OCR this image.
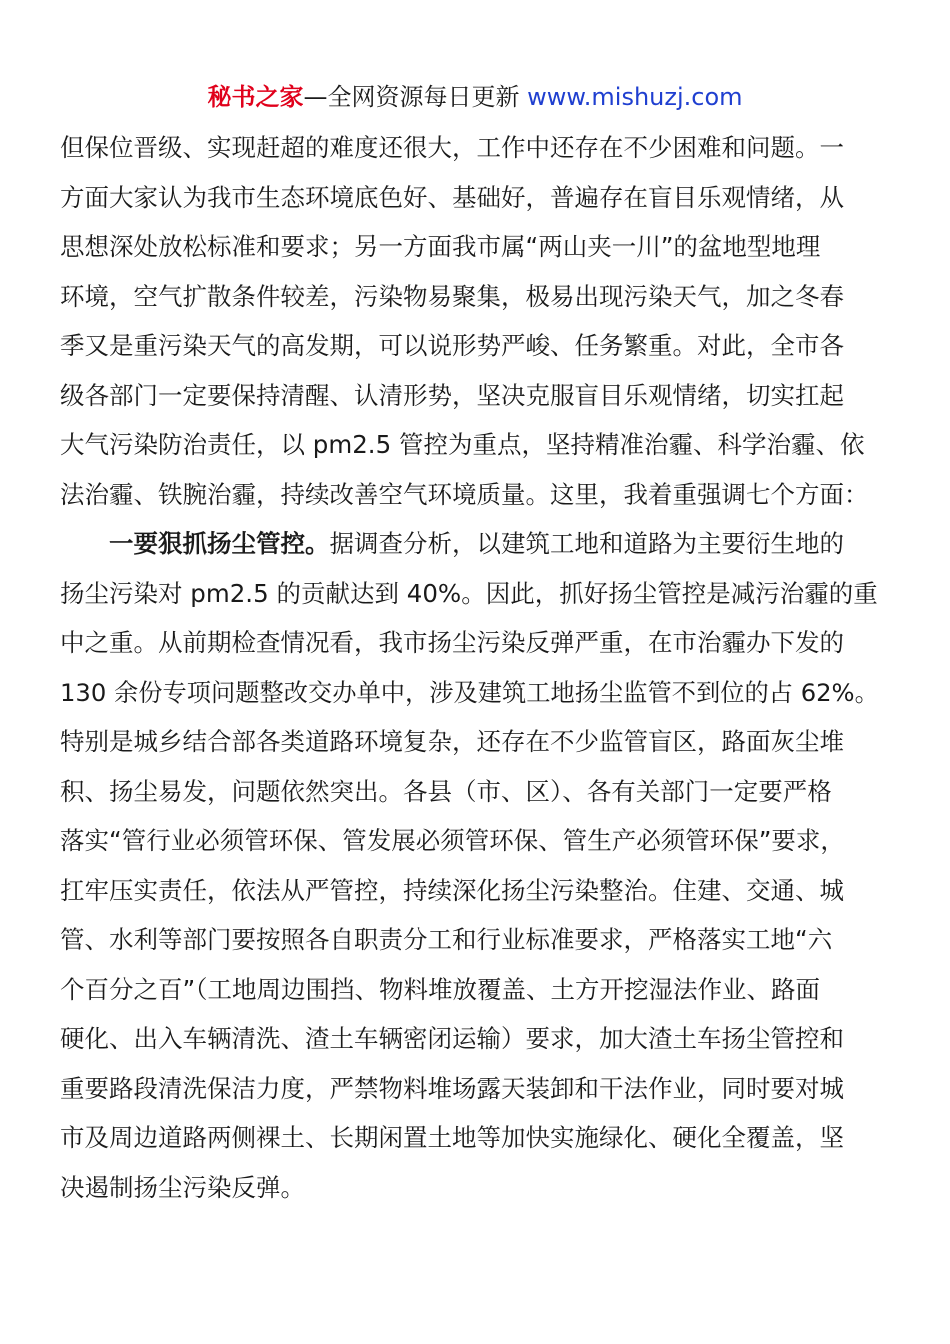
秘书之家—全网资源每日更新 www.mishuzj.com
但保位晋级、实现赶超的难度还很大，工作中还存在不少困难和问题。一
方面大家认为我市生态环境底色好、基础好，普遍存在盲目乐观情绪，从
思想深处放松标准和要求；另一方面我市属“两山夹一川”的盆地型地理
环境，空气扩散条件较差，污染物易聚集，极易出现污染天气，加之冬春
季又是重污染天气的高发期，可以说形势严峻、任务繁重。对此，全市各
级各部门一定要保持清醒、认清形势，坚决克服盲目乐观情绪，切实扛起
大气污染防治责任，以 pm2.5 管控为重点，坚持精准治霾、科学治霾、依
法治霾、铁腕治霾，持续改善空气环境质量。这里，我着重强调七个方面：
一要狠抓扬尘管控。据调查分析，以建筑工地和道路为主要衍生地的
扬尘污染对 pm2.5 的贡献达到 40%。因此，抓好扬尘管控是减污治霾的重
中之重。从前期检查情况看，我市扬尘污染反弹严重，在市治霾办下发的
130 余份专项问题整改交办单中，涉及建筑工地扬尘监管不到位的占 62%。
特别是城乡结合部各类道路环境复杂，还存在不少监管盲区，路面灰尘堆
积、扬尘易发，问题依然突出。各县（市、区）、各有关部门一定要严格
落实“管行业必须管环保、管发展必须管环保、管生产必须管环保”要求，
扛牢压实责任，依法从严管控，持续深化扬尘污染整治。住建、交通、城
管、水利等部门要按照各自职责分工和行业标准要求，严格落实工地“六
个百分之百”（工地周边围挡、物料堆放覆盖、土方开挖湿法作业、路面
硬化、出入车辆清洗、渣土车辆密闭运输）要求，加大渣土车扬尘管控和
重要路段清洗保洁力度，严禁物料堆场露天装卸和干法作业，同时要对城
市及周边道路两侧裸土、长期闲置土地等加快实施绿化、硬化全覆盖，坚
决遏制扬尘污染反弹。
